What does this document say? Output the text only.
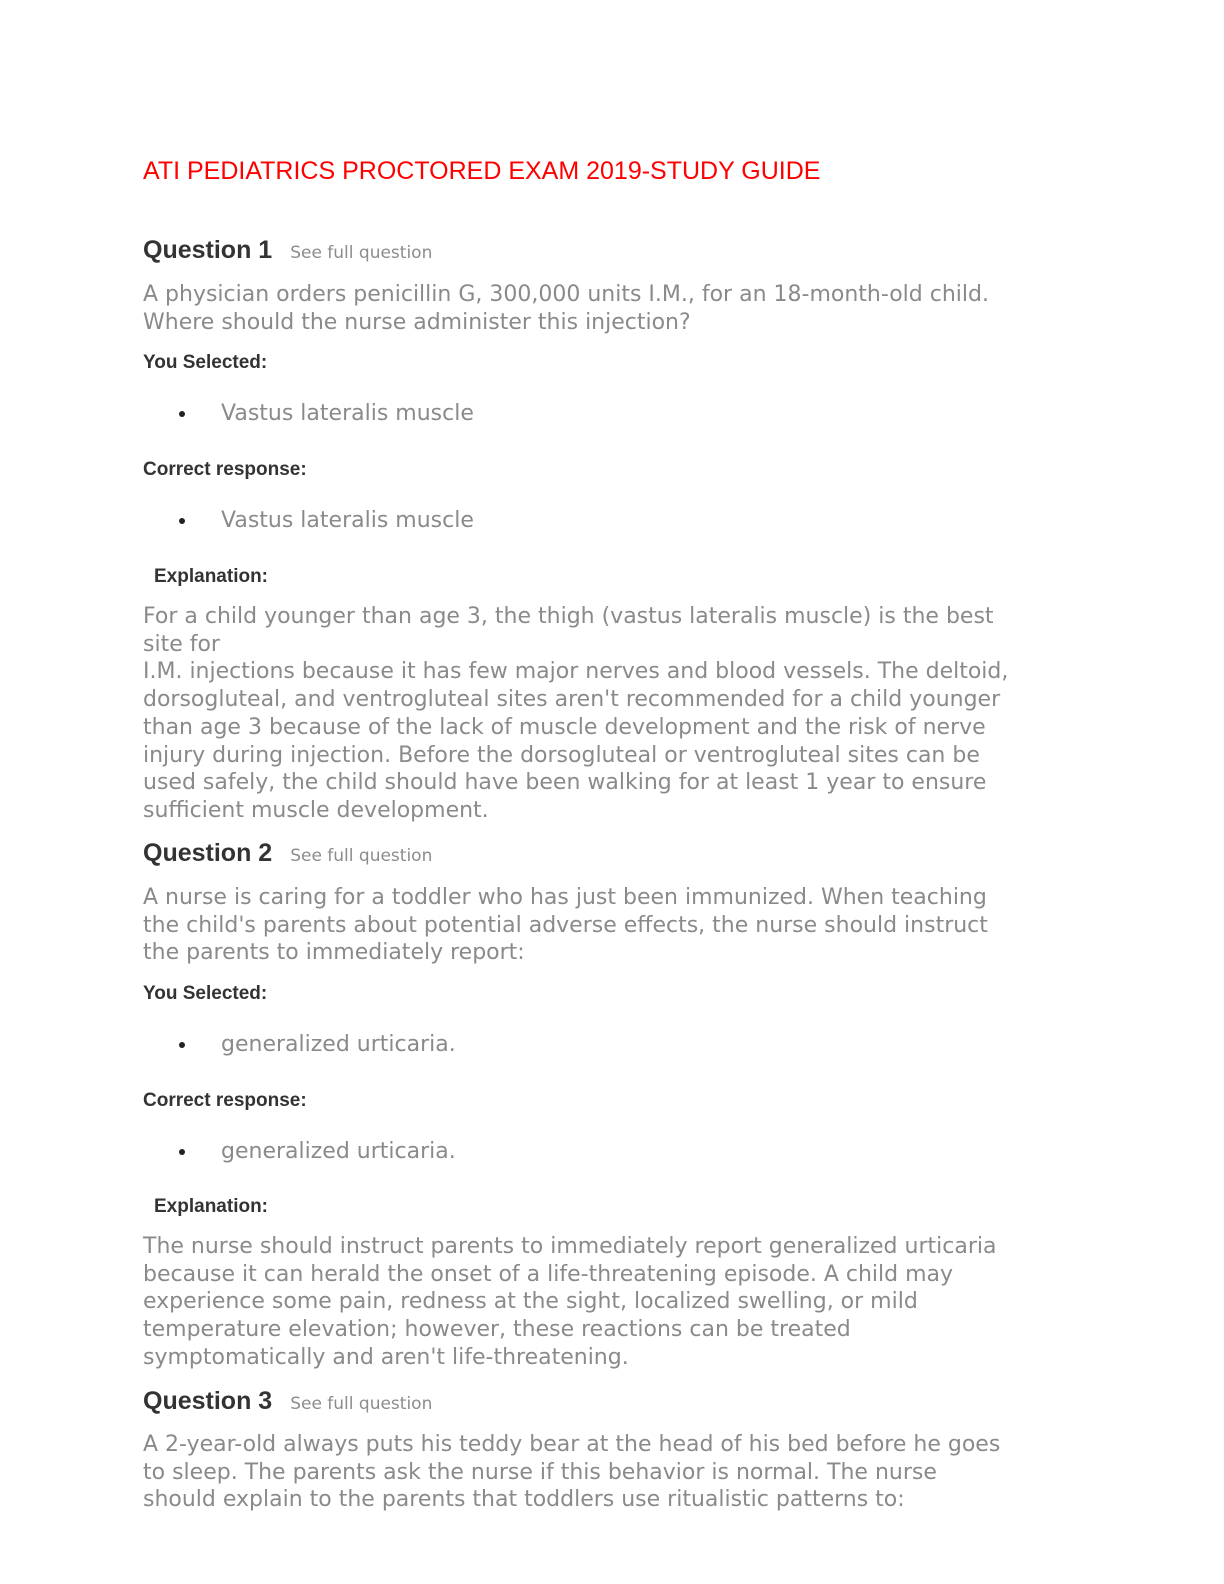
ATI PEDIATRICS PROCTORED EXAM 2019-STUDY GUIDE
Question 1 See full question
A physician orders penicillin G, 300,000 units I.M., for an 18-month-old child.
Where should the nurse administer this injection?
You Selected:
Vastus lateralis muscle
Correct response:
Vastus lateralis muscle
Explanation:
For a child younger than age 3, the thigh (vastus lateralis muscle) is the best
site for
I.M. injections because it has few major nerves and blood vessels. The deltoid,
dorsogluteal, and ventrogluteal sites aren't recommended for a child younger
than age 3 because of the lack of muscle development and the risk of nerve
injury during injection. Before the dorsogluteal or ventrogluteal sites can be
used safely, the child should have been walking for at least 1 year to ensure
sufficient muscle development.
Question 2 See full question
A nurse is caring for a toddler who has just been immunized. When teaching
the child's parents about potential adverse effects, the nurse should instruct
the parents to immediately report:
You Selected:
generalized urticaria.
Correct response:
generalized urticaria.
Explanation:
The nurse should instruct parents to immediately report generalized urticaria
because it can herald the onset of a life-threatening episode. A child may
experience some pain, redness at the sight, localized swelling, or mild
temperature elevation; however, these reactions can be treated
symptomatically and aren't life-threatening.
Question 3 See full question
A 2-year-old always puts his teddy bear at the head of his bed before he goes
to sleep. The parents ask the nurse if this behavior is normal. The nurse
should explain to the parents that toddlers use ritualistic patterns to:
